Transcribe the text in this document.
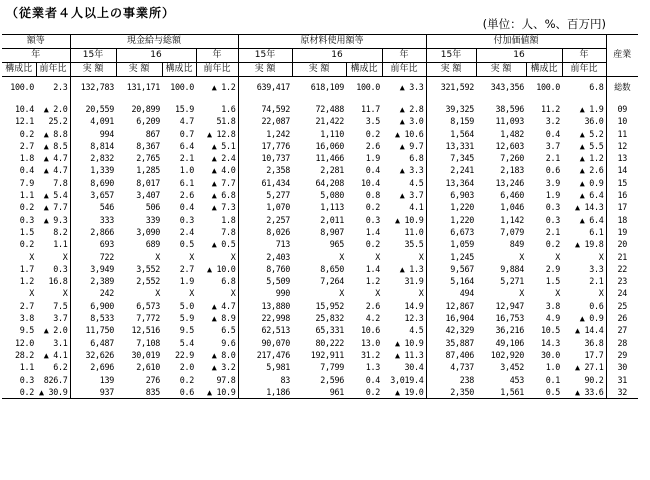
（従業者４人以上の事業所）
(単位：人、%、百万円)
額等		現金給与総額				原材料使用額等				付加価値額				産業
年		15年	16		年	15年	16		年	15年	16		年	
構成比	前年比	実 額	実 額	構成比	前年比	実 額	実 額	構成比	前年比	実 額	実 額	構成比	前年比	
100.0	2.3	132,783	131,171	100.0	▲ 1.2	639,417	618,109	100.0	▲ 3.3	321,592	343,356	100.0	6.8	総数

10.4	▲ 2.0	20,559	20,899	15.9	1.6	74,592	72,488	11.7	▲ 2.8	39,325	38,596	11.2	▲ 1.9	09
12.1	25.2	4,091	6,209	4.7	51.8	22,087	21,422	3.5	▲ 3.0	8,159	11,093	3.2	36.0	10
0.2	▲ 8.8	994	867	0.7	▲ 12.8	1,242	1,110	0.2	▲ 10.6	1,564	1,482	0.4	▲ 5.2	11
2.7	▲ 8.5	8,814	8,367	6.4	▲ 5.1	17,776	16,060	2.6	▲ 9.7	13,331	12,603	3.7	▲ 5.5	12
1.8	▲ 4.7	2,832	2,765	2.1	▲ 2.4	10,737	11,466	1.9	6.8	7,345	7,260	2.1	▲ 1.2	13
0.4	▲ 4.7	1,339	1,285	1.0	▲ 4.0	2,358	2,281	0.4	▲ 3.3	2,241	2,183	0.6	▲ 2.6	14
7.9	7.8	8,690	8,017	6.1	▲ 7.7	61,434	64,208	10.4	4.5	13,364	13,246	3.9	▲ 0.9	15
1.1	▲ 5.4	3,657	3,407	2.6	▲ 6.8	5,277	5,080	0.8	▲ 3.7	6,903	6,460	1.9	▲ 6.4	16
0.2	▲ 7.7	546	506	0.4	▲ 7.3	1,070	1,113	0.2	4.1	1,220	1,046	0.3	▲ 14.3	17
0.3	▲ 9.3	333	339	0.3	1.8	2,257	2,011	0.3	▲ 10.9	1,220	1,142	0.3	▲ 6.4	18
1.5	8.2	2,866	3,090	2.4	7.8	8,026	8,907	1.4	11.0	6,673	7,079	2.1	6.1	19
0.2	1.1	693	689	0.5	▲ 0.5	713	965	0.2	35.5	1,059	849	0.2	▲ 19.8	20
X	X	722	X	X	X	2,403	X	X	X	1,245	X	X	X	21
1.7	0.3	3,949	3,552	2.7	▲ 10.0	8,760	8,650	1.4	▲ 1.3	9,567	9,884	2.9	3.3	22
1.2	16.8	2,389	2,552	1.9	6.8	5,509	7,264	1.2	31.9	5,164	5,271	1.5	2.1	23
X	X	242	X	X	X	990	X	X	X	494	X	X	X	24
2.7	7.5	6,900	6,573	5.0	▲ 4.7	13,880	15,952	2.6	14.9	12,867	12,947	3.8	0.6	25
3.8	3.7	8,533	7,772	5.9	▲ 8.9	22,998	25,832	4.2	12.3	16,904	16,753	4.9	▲ 0.9	26
9.5	▲ 2.0	11,750	12,516	9.5	6.5	62,513	65,331	10.6	4.5	42,329	36,216	10.5	▲ 14.4	27
12.0	3.1	6,487	7,108	5.4	9.6	90,070	80,222	13.0	▲ 10.9	35,887	49,106	14.3	36.8	28
28.2	▲ 4.1	32,626	30,019	22.9	▲ 8.0	217,476	192,911	31.2	▲ 11.3	87,406	102,920	30.0	17.7	29
1.1	6.2	2,696	2,610	2.0	▲ 3.2	5,981	7,799	1.3	30.4	4,737	3,452	1.0	▲ 27.1	30
0.3	826.7	139	276	0.2	97.8	83	2,596	0.4	3,019.4	238	453	0.1	90.2	31
0.2	▲ 30.9	937	835	0.6	▲ 10.9	1,186	961	0.2	▲ 19.0	2,350	1,561	0.5	▲ 33.6	32
